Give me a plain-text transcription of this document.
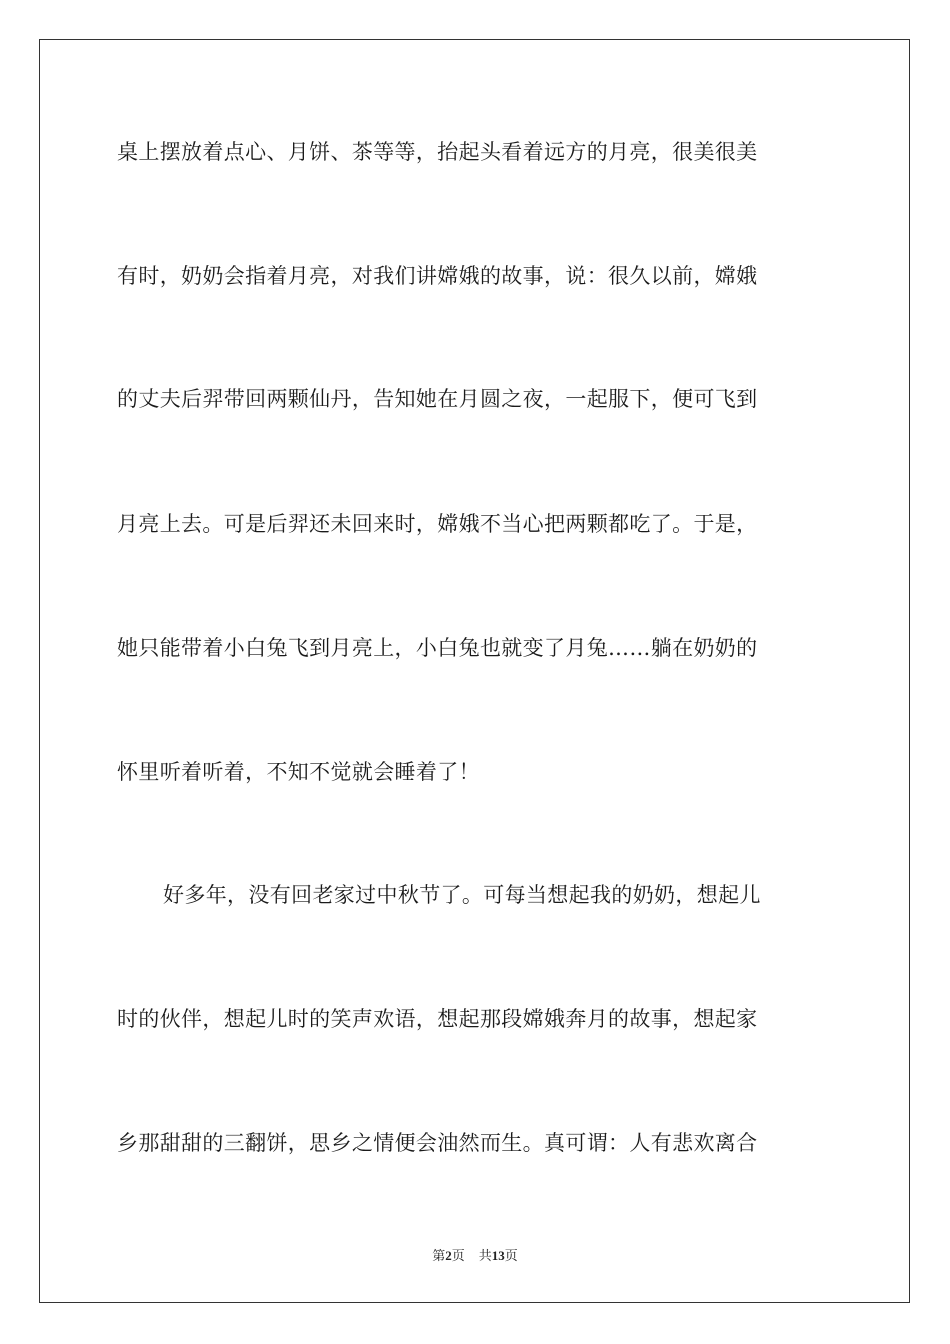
桌上摆放着点心、月饼、茶等等，抬起头看着远方的月亮，很美很美
有时，奶奶会指着月亮，对我们讲嫦娥的故事，说：很久以前，嫦娥
的丈夫后羿带回两颗仙丹，告知她在月圆之夜，一起服下，便可飞到
月亮上去。可是后羿还未回来时，嫦娥不当心把两颗都吃了。于是，
她只能带着小白兔飞到月亮上，小白兔也就变了月兔……躺在奶奶的
怀里听着听着，不知不觉就会睡着了！
好多年，没有回老家过中秋节了。可每当想起我的奶奶，想起儿
时的伙伴，想起儿时的笑声欢语，想起那段嫦娥奔月的故事，想起家
乡那甜甜的三翻饼，思乡之情便会油然而生。真可谓：人有悲欢离合
第2页 共13页
